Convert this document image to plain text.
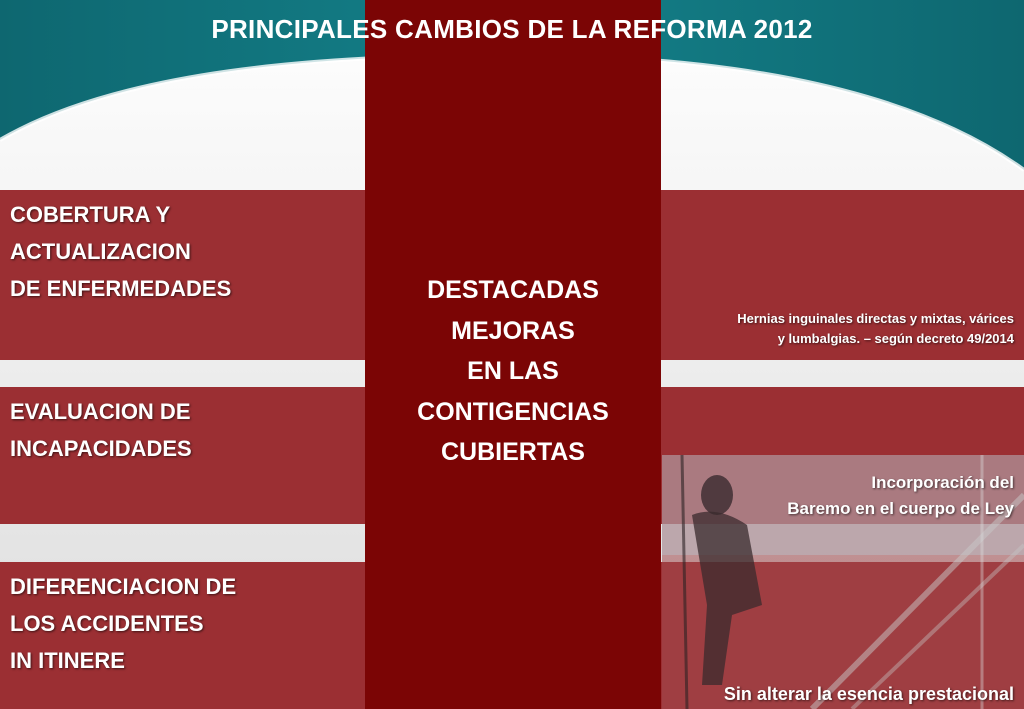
PRINCIPALES CAMBIOS DE LA REFORMA 2012
COBERTURA Y
ACTUALIZACION
DE ENFERMEDADES
EVALUACION DE
INCAPACIDADES
DIFERENCIACION DE
LOS ACCIDENTES
IN ITINERE
DESTACADAS
MEJORAS
EN LAS
CONTIGENCIAS
CUBIERTAS
Hernias inguinales directas y mixtas, várices
y lumbalgias. – según decreto 49/2014
Incorporación del
Baremo en el cuerpo de Ley
Sin alterar la esencia prestacional
